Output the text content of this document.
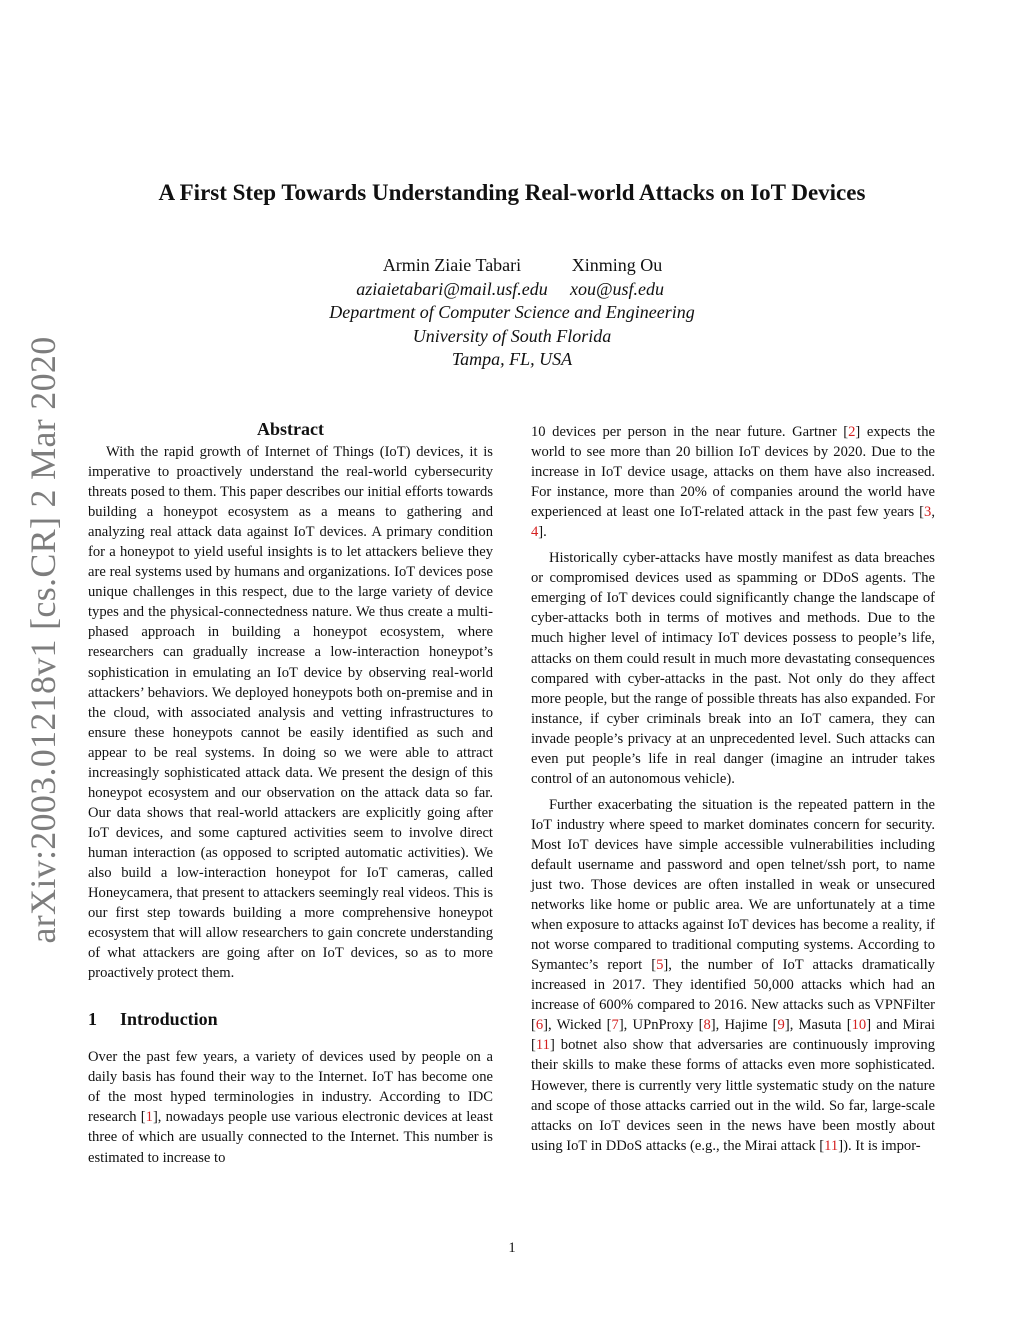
arXiv:2003.01218v1 [cs.CR] 2 Mar 2020
A First Step Towards Understanding Real-world Attacks on IoT Devices
Armin Ziaie Tabari	Xinming Ou
aziaietabari@mail.usf.edu	xou@usf.edu
Department of Computer Science and Engineering
University of South Florida
Tampa, FL, USA
Abstract

With the rapid growth of Internet of Things (IoT) devices, it is imperative to proactively understand the real-world cybersecurity threats posed to them. This paper describes our initial efforts towards building a honeypot ecosystem as a means to gathering and analyzing real attack data against IoT devices. A primary condition for a honeypot to yield useful insights is to let attackers believe they are real systems used by humans and organizations. IoT devices pose unique challenges in this respect, due to the large variety of device types and the physical-connectedness nature. We thus create a multi-phased approach in building a honeypot ecosystem, where researchers can gradually increase a low-interaction honeypot’s sophistication in emulating an IoT device by observing real-world attackers’ behaviors. We deployed honeypots both on-premise and in the cloud, with associated analysis and vetting infrastructures to ensure these honeypots cannot be easily identified as such and appear to be real systems. In doing so we were able to attract increasingly sophisticated attack data. We present the design of this honeypot ecosystem and our observation on the attack data so far. Our data shows that real-world attackers are explicitly going after IoT devices, and some captured activities seem to involve direct human interaction (as opposed to scripted automatic activities). We also build a low-interaction honeypot for IoT cameras, called Honeycamera, that present to attackers seemingly real videos. This is our first step towards building a more comprehensive honeypot ecosystem that will allow researchers to gain concrete understanding of what attackers are going after on IoT devices, so as to more proactively protect them.

1 Introduction

Over the past few years, a variety of devices used by people on a daily basis has found their way to the Internet. IoT has become one of the most hyped terminologies in industry. According to IDC research [1], nowadays people use various electronic devices at least three of which are usually connected to the Internet. This number is estimated to increase to

10 devices per person in the near future. Gartner [2] expects the world to see more than 20 billion IoT devices by 2020. Due to the increase in IoT device usage, attacks on them have also increased. For instance, more than 20% of companies around the world have experienced at least one IoT-related attack in the past few years [3, 4].

Historically cyber-attacks have mostly manifest as data breaches or compromised devices used as spamming or DDoS agents. The emerging of IoT devices could significantly change the landscape of cyber-attacks both in terms of motives and methods. Due to the much higher level of intimacy IoT devices possess to people’s life, attacks on them could result in much more devastating consequences compared with cyber-attacks in the past. Not only do they affect more people, but the range of possible threats has also expanded. For instance, if cyber criminals break into an IoT camera, they can invade people’s privacy at an unprecedented level. Such attacks can even put people’s life in real danger (imagine an intruder takes control of an autonomous vehicle).

Further exacerbating the situation is the repeated pattern in the IoT industry where speed to market dominates concern for security. Most IoT devices have simple accessible vulnerabilities including default username and password and open telnet/ssh port, to name just two. Those devices are often installed in weak or unsecured networks like home or public area. We are unfortunately at a time when exposure to attacks against IoT devices has become a reality, if not worse compared to traditional computing systems. According to Symantec’s report [5], the number of IoT attacks dramatically increased in 2017. They identified 50,000 attacks which had an increase of 600% compared to 2016. New attacks such as VPNFilter [6], Wicked [7], UPnProxy [8], Hajime [9], Masuta [10] and Mirai [11] botnet also show that adversaries are continuously improving their skills to make these forms of attacks even more sophisticated. However, there is currently very little systematic study on the nature and scope of those attacks carried out in the wild. So far, large-scale attacks on IoT devices seen in the news have been mostly about using IoT in DDoS attacks (e.g., the Mirai attack [11]). It is impor-

1
